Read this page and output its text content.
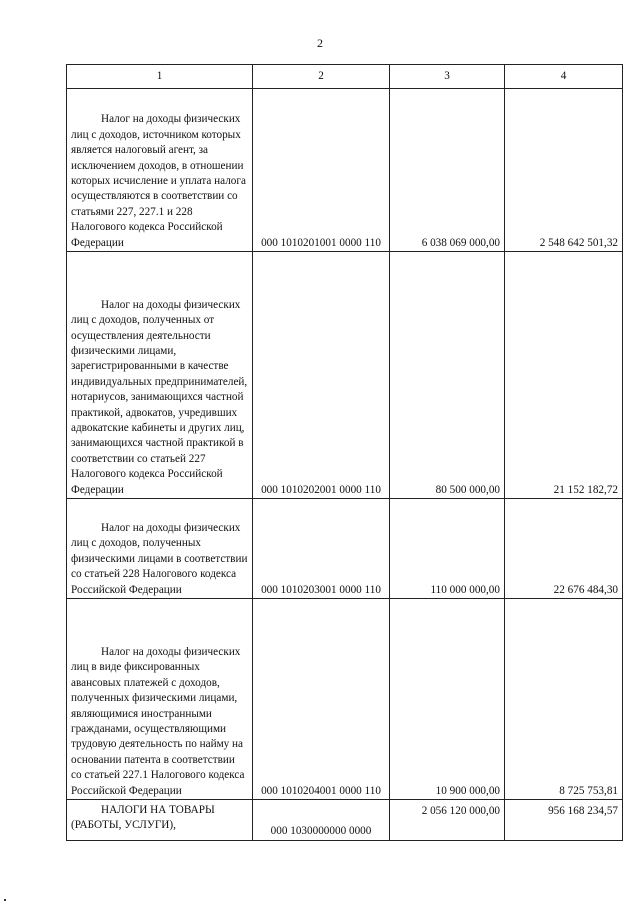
2
1	2	3	4

Налог на доходы физических лиц с доходов, источником которых является налоговый агент, за исключением доходов, в отношении которых исчисление и уплата налога осуществляются в соответствии со статьями 227, 227.1 и 228 Налогового кодекса Российской Федерации	000 1010201001 0000 110	6 038 069 000,00	2 548 642 501,32

Налог на доходы физических лиц с доходов, полученных от осуществления деятельности физическими лицами, зарегистрированными в качестве индивидуальных предпринимателей, нотариусов, занимающихся частной практикой, адвокатов, учредивших адвокатские кабинеты и других лиц, занимающихся частной практикой в соответствии со статьей 227 Налогового кодекса Российской Федерации	000 1010202001 0000 110	80 500 000,00	21 152 182,72

Налог на доходы физических лиц с доходов, полученных физическими лицами в соответствии со статьей 228 Налогового кодекса Российской Федерации	000 1010203001 0000 110	110 000 000,00	22 676 484,30

Налог на доходы физических лиц в виде фиксированных авансовых платежей с доходов, полученных физическими лицами, являющимися иностранными гражданами, осуществляющими трудовую деятельность по найму на основании патента в соответствии со статьей 227.1 Налогового кодекса Российской Федерации	000 1010204001 0000 110	10 900 000,00	8 725 753,81

НАЛОГИ НА ТОВАРЫ (РАБОТЫ, УСЛУГИ),	000 1030000000 0000	2 056 120 000,00	956 168 234,57
